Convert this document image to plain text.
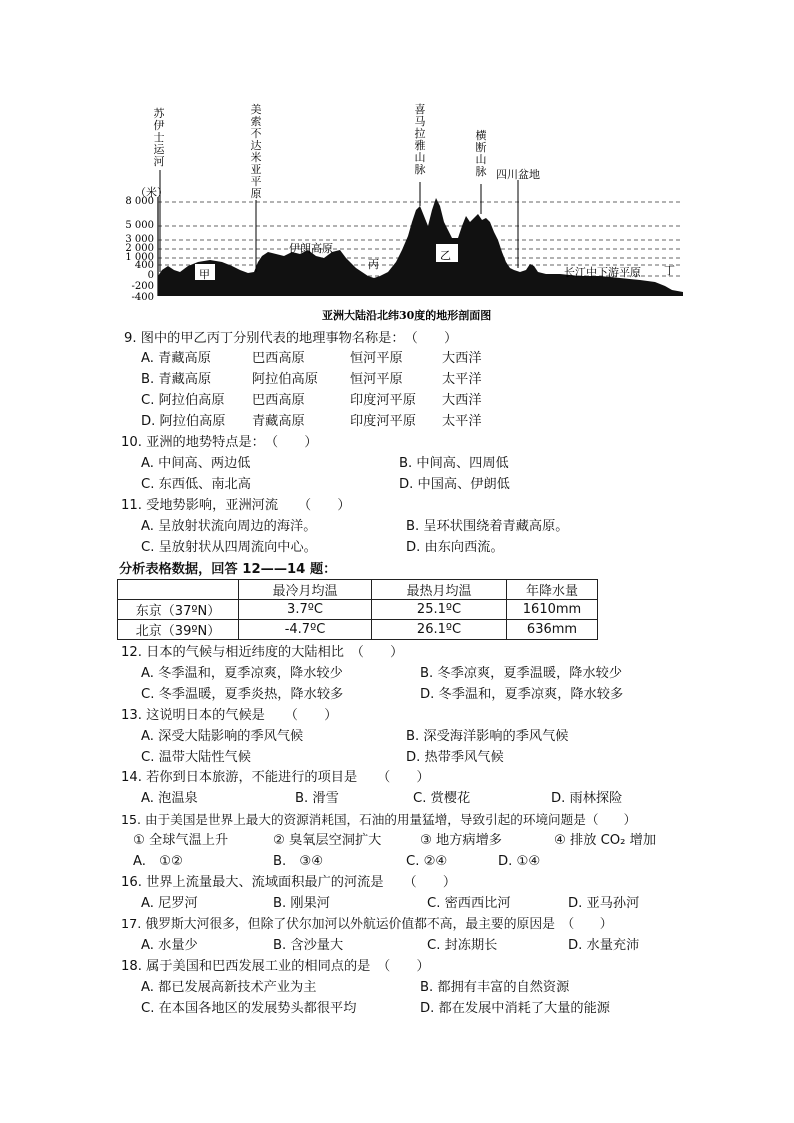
（米）
8 000
5 000
3 000
2 000
1 000
400
0
-200
-400
苏伊士运河
美索不达米亚平原
喜马拉雅山脉
横断山脉 四川盆地
伊朗高原
甲
乙
丙	丁
长江中下游平原
亚洲大陆沿北纬30度的地形剖面图
9. 图中的甲乙丙丁分别代表的地理事物名称是：　（　　）
A. 青藏高原	巴西高原	恒河平原	大西洋
B. 青藏高原	阿拉伯高原 恒河平原	太平洋
C. 阿拉伯高原 巴西高原	印度河平原 大西洋
D. 阿拉伯高原 青藏高原	印度河平原 太平洋
10. 亚洲的地势特点是：　（　　）
A. 中间高、两边低	B. 中间高、四周低
C. 东西低、南北高	D. 中国高、伊朗低
11. 受地势影响，亚洲河流　　（　　）
A. 呈放射状流向周边的海洋。	B. 呈环状围绕着青藏高原。
C. 呈放射状从四周流向中心。	D. 由东向西流。
分析表格数据，回答 12——14 题：
	最冷月均温	最热月均温	年降水量
东京（37ºN）	3.7ºC	25.1ºC	1610mm
北京（39ºN）	-4.7ºC	26.1ºC	636mm
12. 日本的气候与相近纬度的大陆相比　（　　）
A. 冬季温和，夏季凉爽，降水较少	B. 冬季凉爽，夏季温暖，降水较少
C. 冬季温暖，夏季炎热，降水较多	D. 冬季温和，夏季凉爽，降水较多
13. 这说明日本的气候是　　（　　）
A. 深受大陆影响的季风气候	B. 深受海洋影响的季风气候
C. 温带大陆性气候	D. 热带季风气候
14. 若你到日本旅游，不能进行的项目是　　（　　）
A. 泡温泉	B. 滑雪	C. 赏樱花	D. 雨林探险
15. 由于美国是世界上最大的资源消耗国，石油的用量猛增，导致引起的环境问题是（　　）
① 全球气温上升	② 臭氧层空洞扩大	③ 地方病增多	④ 排放 CO₂ 增加
A.　①②	B.　③④	C. ②④	D. ①④
16. 世界上流量最大、流域面积最广的河流是　　（　　）
A. 尼罗河	B. 刚果河	C. 密西西比河	D. 亚马孙河
17. 俄罗斯大河很多，但除了伏尔加河以外航运价值都不高，最主要的原因是　（　　）
A. 水量少	B. 含沙量大	C. 封冻期长	D. 水量充沛
18. 属于美国和巴西发展工业的相同点的是　（　　）
A. 都已发展高新技术产业为主	B. 都拥有丰富的自然资源
C. 在本国各地区的发展势头都很平均	D. 都在发展中消耗了大量的能源
